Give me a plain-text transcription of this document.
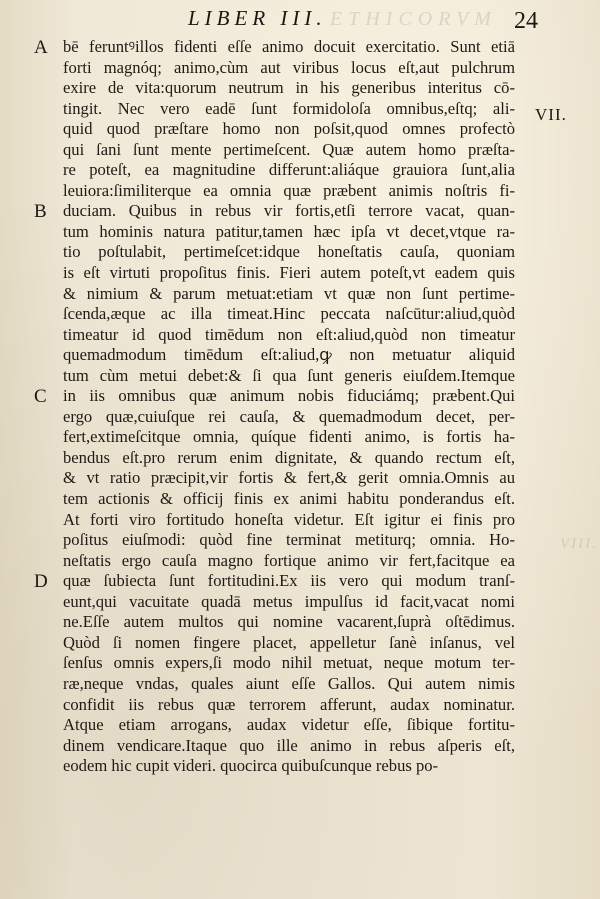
ETHICORVM
VIII.
LIBER III.	24
A
B
C
D
VII.
bē feruntꝰillos fidenti eſſe animo docuit exercitatio. Sunt etiā
forti magnóq; animo,cùm aut viribus locus eſt,aut pulchrum
exire de vita:quorum neutrum in his generibus interitus cō-
tingit. Nec vero eadē ſunt formidoloſa omnibus,eſtq; ali-
quid quod præſtare homo non poſsit,quod omnes profectò
qui ſani ſunt mente pertimeſcent. Quæ autem homo præſta-
re poteſt, ea magnitudine differunt:aliáque grauiora ſunt,alia
leuiora:ſimiliterque ea omnia quæ præbent animis noſtris fi-
duciam. Quibus in rebus vir fortis,etſi terrore vacat, quan-
tum hominis natura patitur,tamen hæc ipſa vt decet,vtque ra-
tio poſtulabit, pertimeſcet:idque honeſtatis cauſa, quoniam
is eſt virtuti propoſitus finis. Fieri autem poteſt,vt eadem quis
& nimium & parum metuat:etiam vt quæ non ſunt pertime-
ſcenda,æque ac illa timeat.Hinc peccata naſcūtur:aliud,quòd
timeatur id quod timēdum non eſt:aliud,quòd non timeatur
quemadmodum timēdum eſt:aliud,ꝙ non metuatur aliquid
tum cùm metui debet:& ſi qua ſunt generis eiuſdem.Itemque
in iis omnibus quæ animum nobis fiduciámq; præbent.Qui
ergo quæ,cuiuſque rei cauſa, & quemadmodum decet, per-
fert,extimeſcitque omnia, quíque fidenti animo, is fortis ha-
bendus eſt.pro rerum enim dignitate, & quando rectum eſt,
& vt ratio præcipit,vir fortis & fert,& gerit omnia.Omnis au
tem actionis & officij finis ex animi habitu ponderandus eſt.
At forti viro fortitudo honeſta videtur. Eſt igitur ei finis pro
poſitus eiuſmodi: quòd fine terminat metiturq; omnia. Ho-
neſtatis ergo cauſa magno fortique animo vir fert,facitque ea
quæ ſubiecta ſunt fortitudini.Ex iis vero qui modum tranſ-
eunt,qui vacuitate quadā metus impulſus id facit,vacat nomi
ne.Eſſe autem multos qui nomine vacarent,ſuprà oſtēdimus.
Quòd ſi nomen fingere placet, appelletur ſanè inſanus, vel
ſenſus omnis expers,ſi modo nihil metuat, neque motum ter-
ræ,neque vndas, quales aiunt eſſe Gallos. Qui autem nimis
confidit iis rebus quæ terrorem afferunt, audax nominatur.
Atque etiam arrogans, audax videtur eſſe, ſibique fortitu-
dinem vendicare.Itaque quo ille animo in rebus aſperis eſt,
eodem hic cupit videri. quocirca quibuſcunque rebus po-
